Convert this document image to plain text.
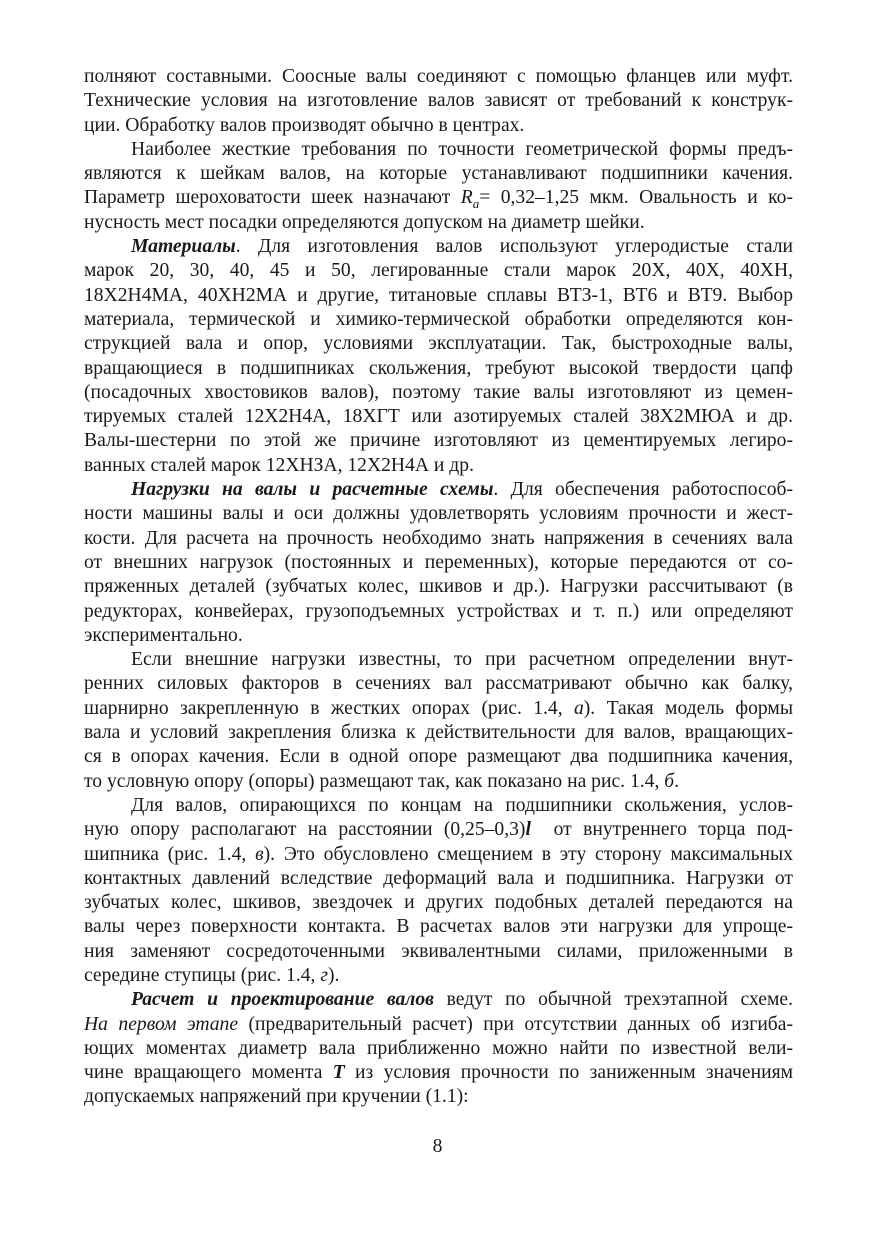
полняют составными. Соосные валы соединяют с помощью фланцев или муфт.
Технические условия на изготовление валов зависят от требований к конструк-
ции. Обработку валов производят обычно в центрах.
Наиболее жесткие требования по точности геометрической формы предъ-
являются к шейкам валов, на которые устанавливают подшипники качения.
Параметр шероховатости шеек назначают $R_a= 0,32-1,25$ мкм. Овальность и ко-
нусность мест посадки определяются допуском на диаметр шейки.
Материалы. Для изготовления валов используют углеродистые стали
марок 20, 30, 40, 45 и 50, легированные стали марок 20Х, 40Х, 40ХН,
18Х2Н4МА, 40ХН2МА и другие, титановые сплавы ВТЗ-1, ВТ6 и ВТ9. Выбор
материала, термической и химико-термической обработки определяются кон-
струкцией вала и опор, условиями эксплуатации. Так, быстроходные валы,
вращающиеся в подшипниках скольжения, требуют высокой твердости цапф
(посадочных хвостовиков валов), поэтому такие валы изготовляют из цемен-
тируемых сталей 12Х2Н4А, 18ХГТ или азотируемых сталей 38Х2МЮА и др.
Валы-шестерни по этой же причине изготовляют из цементируемых легиро-
ванных сталей марок 12ХНЗА, 12Х2Н4А и др.
Нагрузки на валы и расчетные схемы. Для обеспечения работоспособ-
ности машины валы и оси должны удовлетворять условиям прочности и жест-
кости. Для расчета на прочность необходимо знать напряжения в сечениях вала
от внешних нагрузок (постоянных и переменных), которые передаются от со-
пряженных деталей (зубчатых колес, шкивов и др.). Нагрузки рассчитывают (в
редукторах, конвейерах, грузоподъемных устройствах и т. п.) или определяют
экспериментально.
Если внешние нагрузки известны, то при расчетном определении внут-
ренних силовых факторов в сечениях вал рассматривают обычно как балку,
шарнирно закрепленную в жестких опорах (рис. 1.4, а). Такая модель формы
вала и условий закрепления близка к действительности для валов, вращающих-
ся в опорах качения. Если в одной опоре размещают два подшипника качения,
то условную опору (опоры) размещают так, как показано на рис. 1.4, б.
Для валов, опирающихся по концам на подшипники скольжения, услов-
ную опору располагают на расстоянии (0,25–0,3)l  от внутреннего торца под-
шипника (рис. 1.4, в). Это обусловлено смещением в эту сторону максимальных
контактных давлений вследствие деформаций вала и подшипника. Нагрузки от
зубчатых колес, шкивов, звездочек и других подобных деталей передаются на
валы через поверхности контакта. В расчетах валов эти нагрузки для упроще-
ния заменяют сосредоточенными эквивалентными силами, приложенными в
середине ступицы (рис. 1.4, г).
Расчет и проектирование валов ведут по обычной трехэтапной схеме.
На первом этапе (предварительный расчет) при отсутствии данных об изгиба-
ющих моментах диаметр вала приближенно можно найти по известной вели-
чине вращающего момента T из условия прочности по заниженным значениям
допускаемых напряжений при кручении (1.1):
8
